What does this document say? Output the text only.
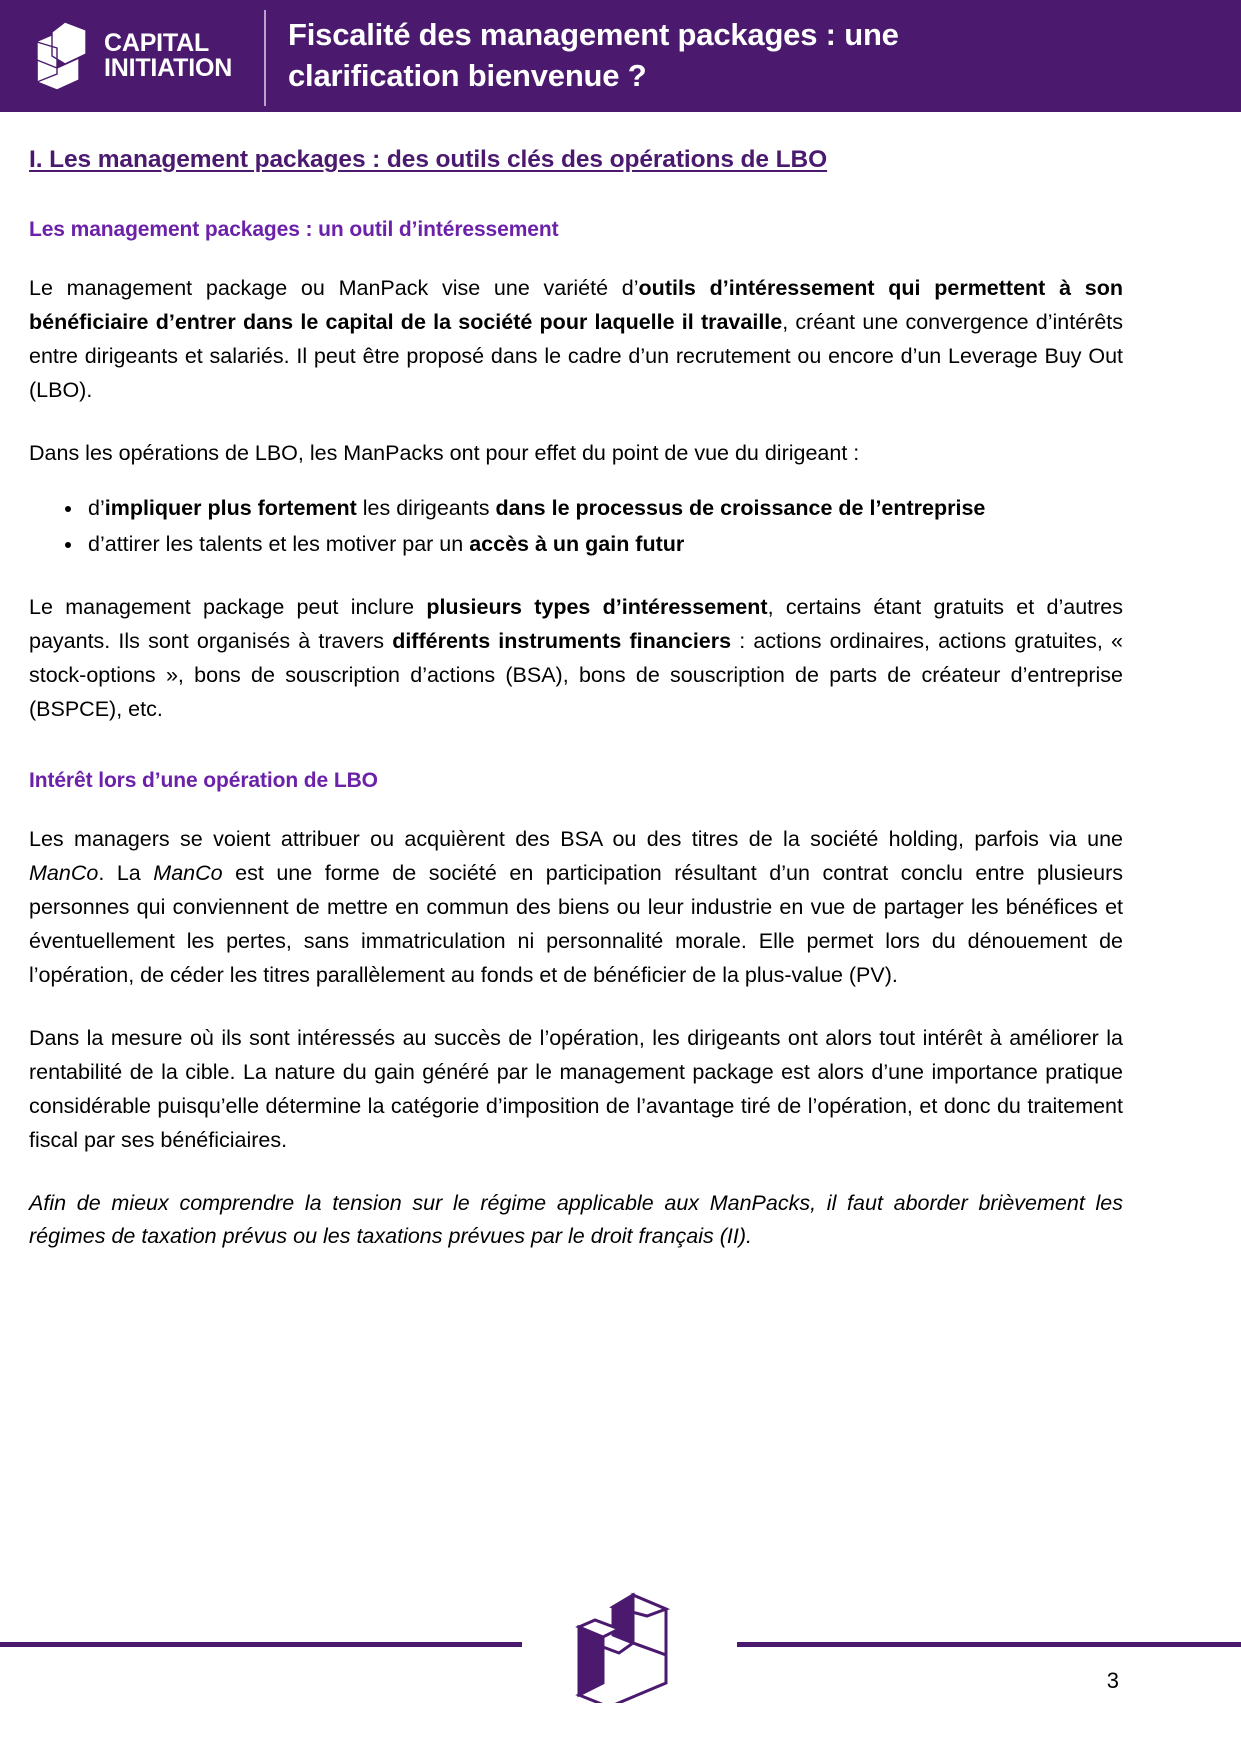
CAPITAL
INITIATION
Fiscalité des management packages : une clarification bienvenue ?
I. Les management packages : des outils clés des opérations de LBO
Les management packages : un outil d’intéressement

Le management package ou ManPack vise une variété d’outils d’intéressement qui permettent à son bénéficiaire d’entrer dans le capital de la société pour laquelle il travaille, créant une convergence d’intérêts entre dirigeants et salariés. Il peut être proposé dans le cadre d’un recrutement ou encore d’un Leverage Buy Out (LBO).

Dans les opérations de LBO, les ManPacks ont pour effet du point de vue du dirigeant :

d’impliquer plus fortement les dirigeants dans le processus de croissance de l’entreprise
d’attirer les talents et les motiver par un accès à un gain futur

Le management package peut inclure plusieurs types d’intéressement, certains étant gratuits et d’autres payants. Ils sont organisés à travers différents instruments financiers : actions ordinaires, actions gratuites, « stock-options », bons de souscription d’actions (BSA), bons de souscription de parts de créateur d’entreprise (BSPCE), etc.

Intérêt lors d’une opération de LBO

Les managers se voient attribuer ou acquièrent des BSA ou des titres de la société holding, parfois via une ManCo. La ManCo est une forme de société en participation résultant d’un contrat conclu entre plusieurs personnes qui conviennent de mettre en commun des biens ou leur industrie en vue de partager les bénéfices et éventuellement les pertes, sans immatriculation ni personnalité morale. Elle permet lors du dénouement de l’opération, de céder les titres parallèlement au fonds et de bénéficier de la plus-value (PV).

Dans la mesure où ils sont intéressés au succès de l’opération, les dirigeants ont alors tout intérêt à améliorer la rentabilité de la cible. La nature du gain généré par le management package est alors d’une importance pratique considérable puisqu’elle détermine la catégorie d’imposition de l’avantage tiré de l’opération, et donc du traitement fiscal par ses bénéficiaires.

Afin de mieux comprendre la tension sur le régime applicable aux ManPacks, il faut aborder brièvement les régimes de taxation prévus ou les taxations prévues par le droit français (II).

3
